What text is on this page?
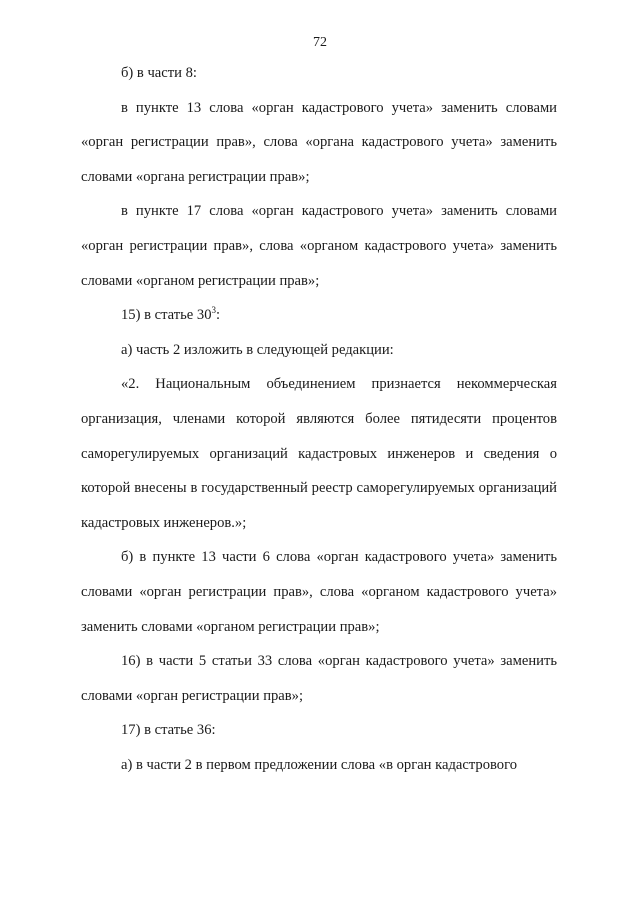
72

б) в части 8:

в пункте 13 слова «орган кадастрового учета» заменить словами «орган регистрации прав», слова «органа кадастрового учета» заменить словами «органа регистрации прав»;

в пункте 17 слова «орган кадастрового учета» заменить словами «орган регистрации прав», слова «органом кадастрового учета» заменить словами «органом регистрации прав»;

15) в статье $30^3$:

а) часть 2 изложить в следующей редакции:

«2. Национальным объединением признается некоммерческая организация, членами которой являются более пятидесяти процентов саморегулируемых организаций кадастровых инженеров и сведения о которой внесены в государственный реестр саморегулируемых организаций кадастровых инженеров.»;

б) в пункте 13 части 6 слова «орган кадастрового учета» заменить словами «орган регистрации прав», слова «органом кадастрового учета» заменить словами «органом регистрации прав»;

16) в части 5 статьи 33 слова «орган кадастрового учета» заменить словами «орган регистрации прав»;

17) в статье 36:

а) в части 2 в первом предложении слова «в орган кадастрового
